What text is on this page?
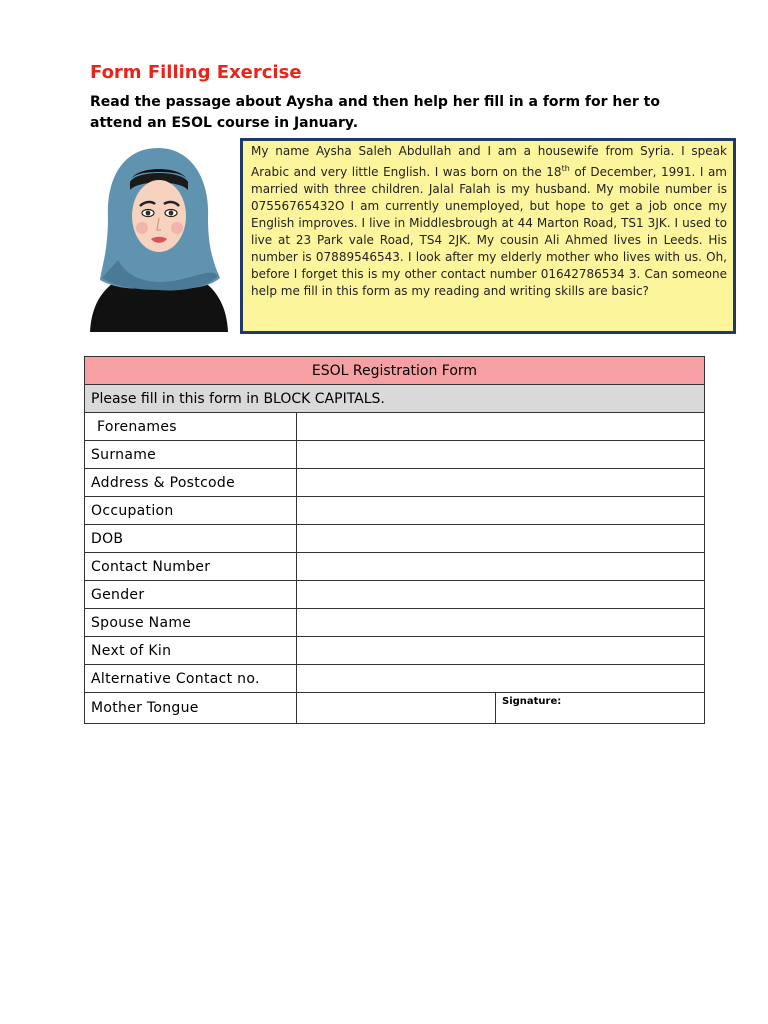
Form Filling Exercise
Read the passage about Aysha and then help her fill in a form for her to attend an ESOL course in January.
My name Aysha Saleh Abdullah and I am a housewife from Syria. I speak Arabic and very little English. I was born on the 18th of December, 1991. I am married with three children. Jalal Falah is my husband. My mobile number is 07556765432O I am currently unemployed, but hope to get a job once my English improves. I live in Middlesbrough at 44 Marton Road, TS1 3JK. I used to live at 23 Park vale Road, TS4 2JK. My cousin Ali Ahmed lives in Leeds. His number is 07889546543. I look after my elderly mother who lives with us. Oh, before I forget this is my other contact number 01642786534 3. Can someone help me fill in this form as my reading and writing skills are basic?
ESOL Registration Form		
Please fill in this form in BLOCK CAPITALS.		
Forenames		
Surname		
Address & Postcode		
Occupation		
DOB		
Contact Number		
Gender		
Spouse Name		
Next of Kin		
Alternative Contact no.		
Mother Tongue		Signature:
